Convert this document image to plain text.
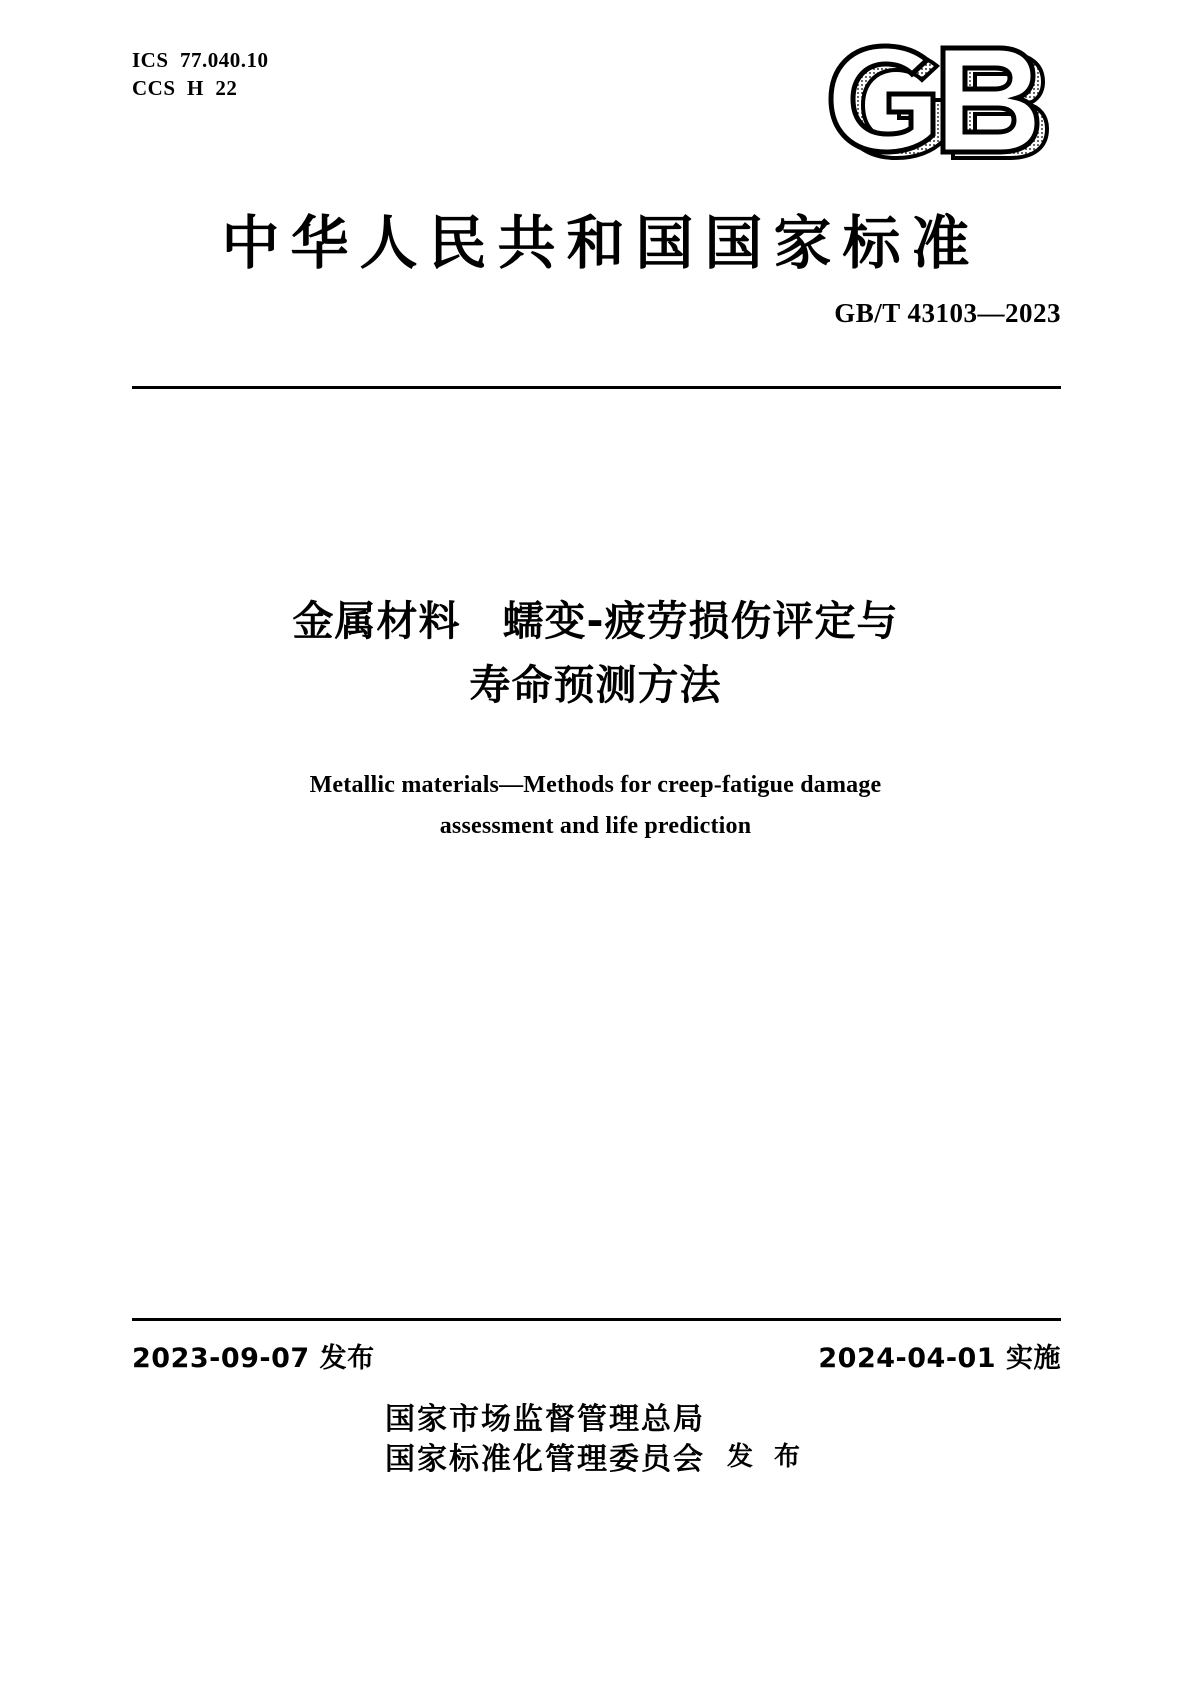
ICS  77.040.10
CCS  H  22
中华人民共和国国家标准
GB/T 43103—2023
金属材料　蠕变-疲劳损伤评定与
寿命预测方法
Metallic materials—Methods for creep-fatigue damage
assessment and life prediction
2023-09-07 发布	2024-04-01 实施
国家市场监督管理总局
国家标准化管理委员会 发 布
